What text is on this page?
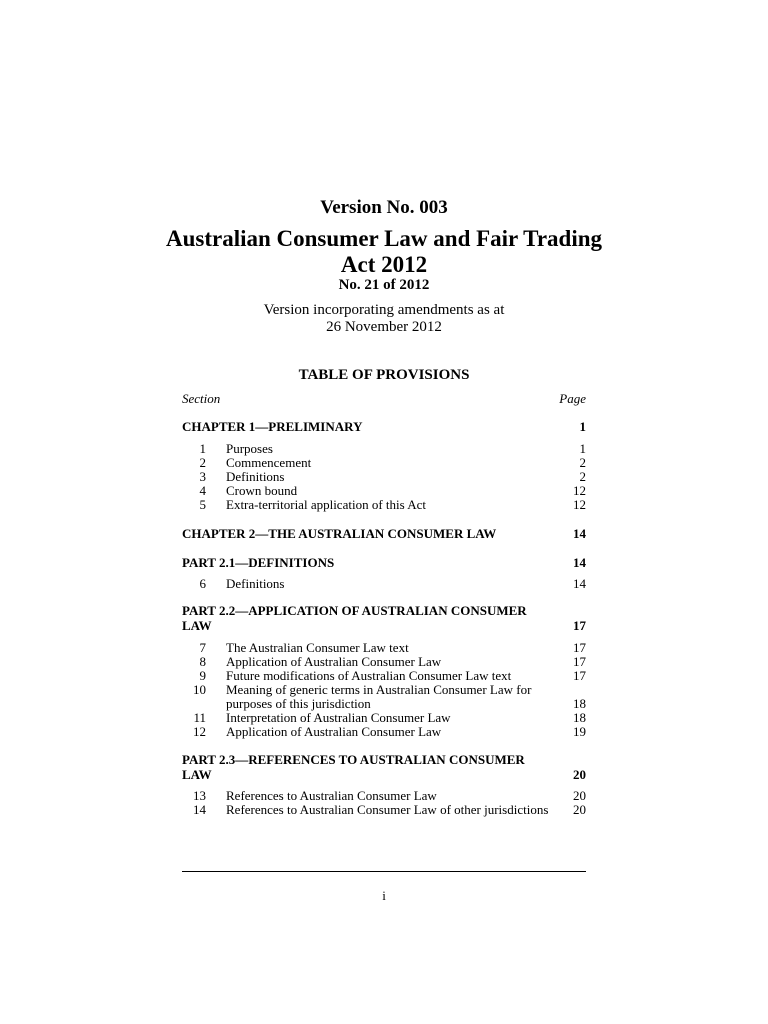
Version No. 003
Australian Consumer Law and Fair Trading
Act 2012
No. 21 of 2012
Version incorporating amendments as at
26 November 2012
TABLE OF PROVISIONS
Section	Page
CHAPTER 1—PRELIMINARY	1
1 Purposes	1
2 Commencement	2
3 Definitions	2
4 Crown bound	12
5 Extra-territorial application of this Act	12
CHAPTER 2—THE AUSTRALIAN CONSUMER LAW	14
PART 2.1—DEFINITIONS	14
6 Definitions	14
PART 2.2—APPLICATION OF AUSTRALIAN CONSUMER
LAW	17
7 The Australian Consumer Law text	17
8 Application of Australian Consumer Law	17
9 Future modifications of Australian Consumer Law text	17
10 Meaning of generic terms in Australian Consumer Law for
purposes of this jurisdiction	18
11 Interpretation of Australian Consumer Law	18
12 Application of Australian Consumer Law	19
PART 2.3—REFERENCES TO AUSTRALIAN CONSUMER
LAW	20
13 References to Australian Consumer Law	20
14 References to Australian Consumer Law of other jurisdictions	20
i
